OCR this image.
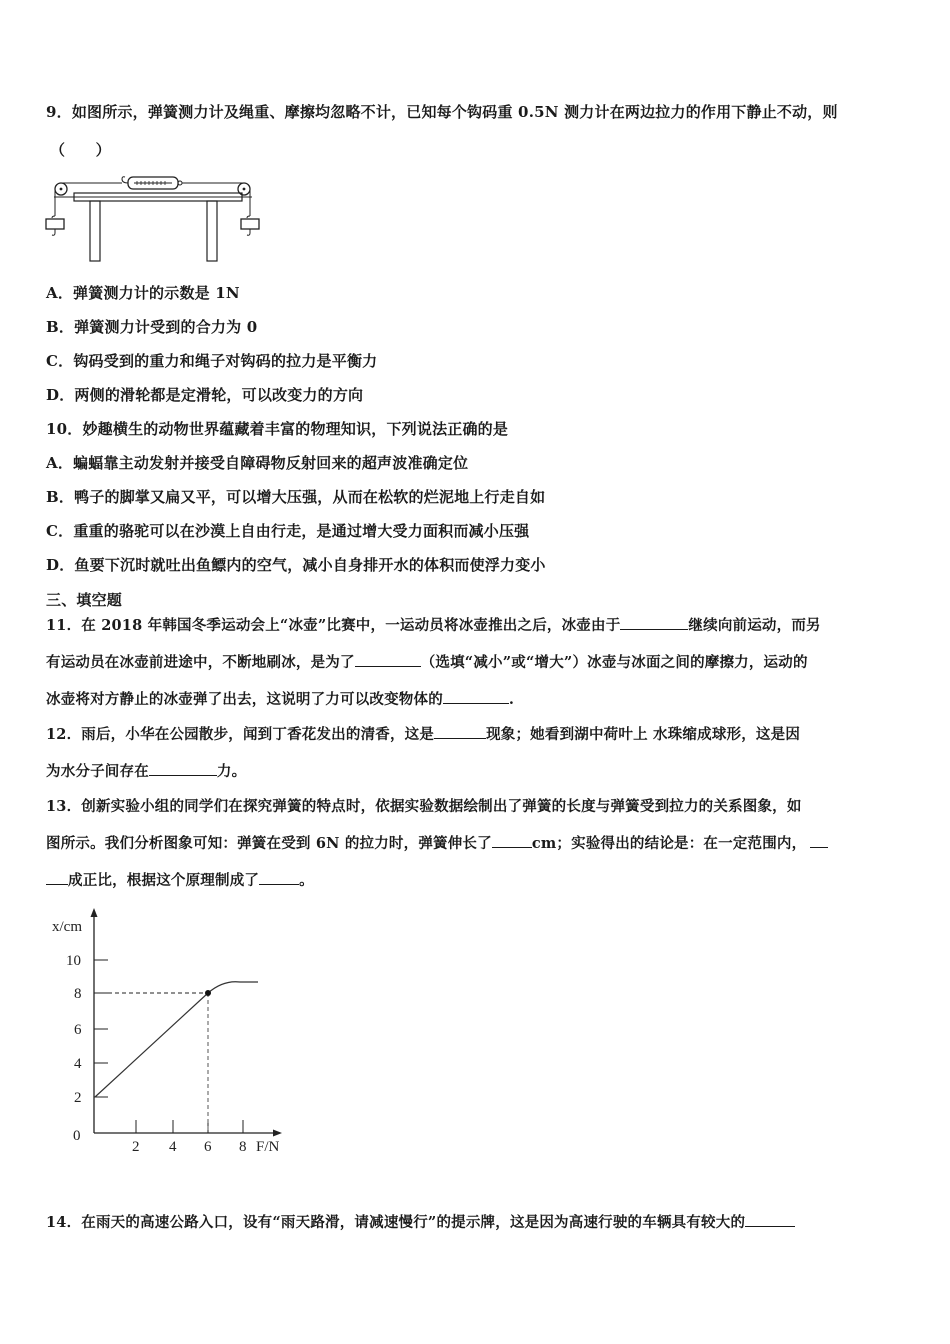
9．如图所示，弹簧测力计及绳重、摩擦均忽略不计，已知每个钩码重 0.5N 测力计在两边拉力的作用下静止不动，则
（　　）
A．弹簧测力计的示数是 1N
B．弹簧测力计受到的合力为 0
C．钩码受到的重力和绳子对钩码的拉力是平衡力
D．两侧的滑轮都是定滑轮，可以改变力的方向
10．妙趣横生的动物世界蕴藏着丰富的物理知识，下列说法正确的是
A．蝙蝠靠主动发射并接受自障碍物反射回来的超声波准确定位
B．鸭子的脚掌又扁又平，可以增大压强，从而在松软的烂泥地上行走自如
C．重重的骆驼可以在沙漠上自由行走，是通过增大受力面积而减小压强
D．鱼要下沉时就吐出鱼鳔内的空气，减小自身排开水的体积而使浮力变小
三、填空题
11．在 2018 年韩国冬季运动会上“冰壶”比赛中，一运动员将冰壶推出之后，冰壶由于	继续向前运动，而另
有运动员在冰壶前进途中，不断地刷冰，是为了	（选填“减小”或“增大”）冰壶与冰面之间的摩擦力，运动的
冰壶将对方静止的冰壶弹了出去，这说明了力可以改变物体的	.
12．雨后，小华在公园散步，闻到丁香花发出的清香，这是	现象；她看到湖中荷叶上 水珠缩成球形，这是因
为水分子间存在	力。
13．创新实验小组的同学们在探究弹簧的特点时，依据实验数据绘制出了弹簧的长度与弹簧受到拉力的关系图象，如
图所示。我们分析图象可知：弹簧在受到 6N 的拉力时，弹簧伸长了	cm；实验得出的结论是：在一定范围内，
成正比，根据这个原理制成了	。
x/cm
10
8
6
4
2
0
2 4 6 8 F/N
14．在雨天的高速公路入口，设有“雨天路滑，请减速慢行”的提示牌，这是因为高速行驶的车辆具有较大的
